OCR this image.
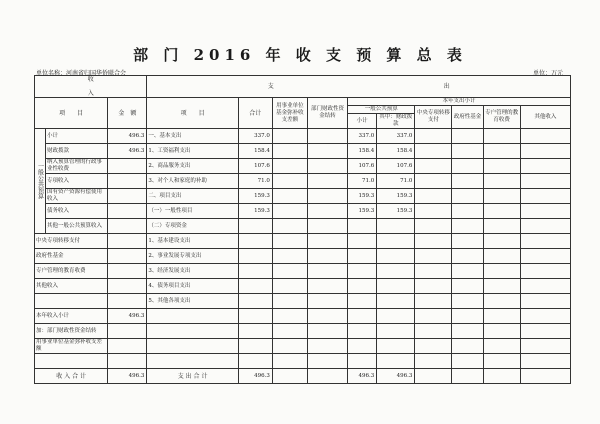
部 门 2016 年 收 支 预 算 总 表
单位名称：河南省归国华侨联合会	单位：万元
收入			支 出									
项　　目		金　额	项　　目	合计	用事业单位基金弥补收支差额	部门财政性资金结转	本年支出小计					
							一般公共预算		中央专项转移支付	政府性基金	专户管理的教育收费	其他收入
							小计	其中：财政拨款				
一般公共预算	小计	496.3	一、基本支出	337.0			337.0	337.0				
	财政拨款	496.3	1、工资福利支出	158.4			158.4	158.4				
	纳入预算管理的行政事业性收费		2、商品服务支出	107.6			107.6	107.6				
	专项收入		3、对个人和家庭的补助	71.0			71.0	71.0				
	国有资产资源有偿使用收入		二、项目支出	159.3			159.3	159.3				
	债务收入		（一）一般性项目	159.3			159.3	159.3				
	其他一般公共预算收入		（二）专项资金									
中央专项转移支付			1、基本建设支出									
政府性基金			2、事业发展专项支出									
专户管理的教育收费			3、经济发展支出									
其他收入			4、债务项目支出									
			5、其他各项支出									
本年收入小计		496.3										
加：部门财政性资金结转												
用事业单位基金弥补收支差额												

收 入 合 计		496.3	支 出 合 计	496.3			496.3	496.3				
